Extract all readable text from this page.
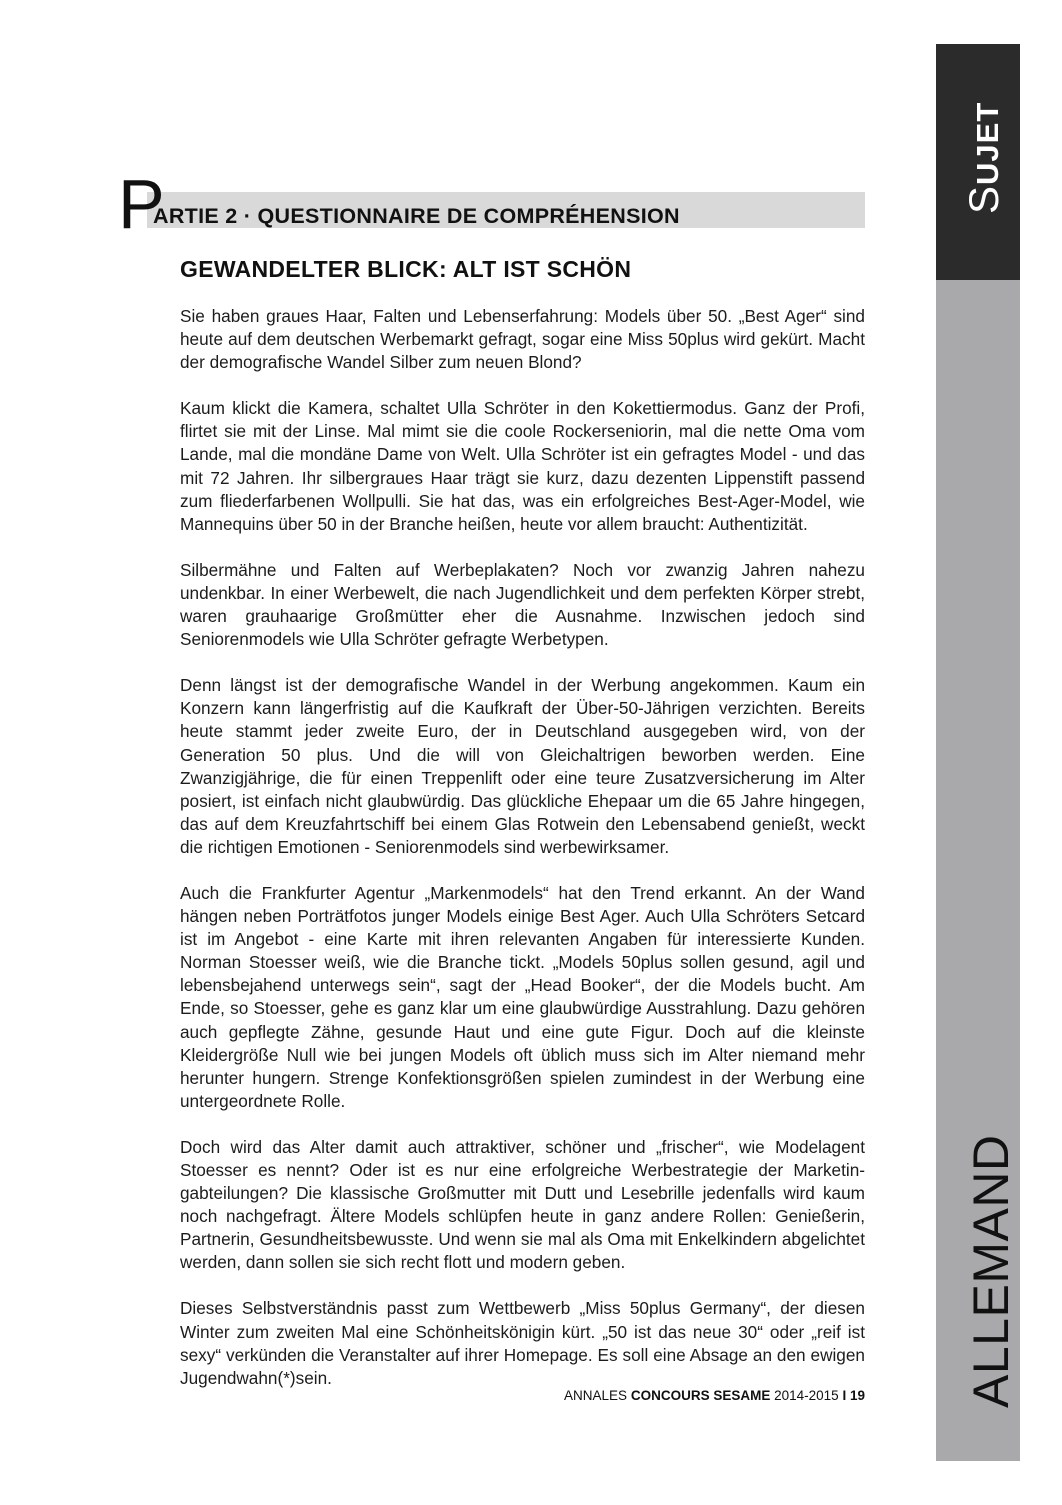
SUJET
ALLEMAND
P
ARTIE 2 · QUESTIONNAIRE DE COMPRÉHENSION
GEWANDELTER BLICK: ALT IST SCHÖN

Sie haben graues Haar, Falten und Lebenserfahrung: Models über 50. „Best Ager“ sind heute auf dem deutschen Werbemarkt gefragt, sogar eine Miss 50plus wird gekürt. Macht der demografische Wandel Silber zum neuen Blond?

Kaum klickt die Kamera, schaltet Ulla Schröter in den Kokettiermodus. Ganz der Profi, flirtet sie mit der Linse. Mal mimt sie die coole Rockerseniorin, mal die nette Oma vom Lande, mal die mondäne Dame von Welt. Ulla Schröter ist ein gefragtes Model - und das mit 72 Jahren. Ihr silbergraues Haar trägt sie kurz, dazu dezenten Lippenstift passend zum fliederfarbenen Wollpulli. Sie hat das, was ein erfolgreiches Best-Ager-Model, wie Mannequins über 50 in der Branche heißen, heute vor allem braucht: Authentizität.

Silbermähne und Falten auf Werbeplakaten? Noch vor zwanzig Jahren nahezu undenkbar. In einer Werbewelt, die nach Jugendlichkeit und dem perfekten Körper strebt, waren grauhaarige Großmütter eher die Ausnahme. Inzwischen jedoch sind Seniorenmodels wie Ulla Schröter gefragte Werbetypen.

Denn längst ist der demografische Wandel in der Werbung angekommen. Kaum ein Konzern kann längerfristig auf die Kaufkraft der Über-50-Jährigen verzichten. Bereits heute stammt jeder zweite Euro, der in Deutschland ausgegeben wird, von der Generation 50 plus. Und die will von Gleichaltrigen beworben werden. Eine Zwanzigjährige, die für einen Treppenlift oder eine teure Zusatzversicherung im Alter posiert, ist einfach nicht glaubwürdig. Das glückliche Ehepaar um die 65 Jahre hingegen, das auf dem Kreuzfahrtschiff bei einem Glas Rotwein den Lebensabend genießt, weckt die richtigen Emotionen - Seniorenmodels sind werbewirksamer.

Auch die Frankfurter Agentur „Markenmodels“ hat den Trend erkannt. An der Wand hängen neben Porträtfotos junger Models einige Best Ager. Auch Ulla Schröters Setcard ist im Angebot - eine Karte mit ihren relevanten Angaben für interessierte Kunden. Norman Stoesser weiß, wie die Branche tickt. „Models 50plus sollen gesund, agil und lebensbejahend unterwegs sein“, sagt der „Head Booker“, der die Models bucht. Am Ende, so Stoesser, gehe es ganz klar um eine glaubwürdige Ausstrahlung. Dazu gehören auch gepflegte Zähne, gesunde Haut und eine gute Figur. Doch auf die kleinste Kleidergröße Null wie bei jungen Models oft üblich muss sich im Alter niemand mehr herunter hungern. Strenge Konfektionsgrößen spielen zumindest in der Werbung eine untergeordnete Rolle.

Doch wird das Alter damit auch attraktiver, schöner und „frischer“, wie Modelagent Stoesser es nennt? Oder ist es nur eine erfolgreiche Werbestrategie der Marketingabteilungen? Die klassische Großmutter mit Dutt und Lesebrille jedenfalls wird kaum noch nachgefragt. Ältere Models schlüpfen heute in ganz andere Rollen: Genießerin, Partnerin, Gesundheitsbewusste. Und wenn sie mal als Oma mit Enkelkindern abgelichtet werden, dann sollen sie sich recht flott und modern geben.

Dieses Selbstverständnis passt zum Wettbewerb „Miss 50plus Germany“, der diesen Winter zum zweiten Mal eine Schönheitskönigin kürt. „50 ist das neue 30“ oder „reif ist sexy“ verkünden die Veranstalter auf ihrer Homepage. Es soll eine Absage an den ewigen Jugendwahn(*)sein.

ANNALES CONCOURS SESAME 2014-2015 I 19
